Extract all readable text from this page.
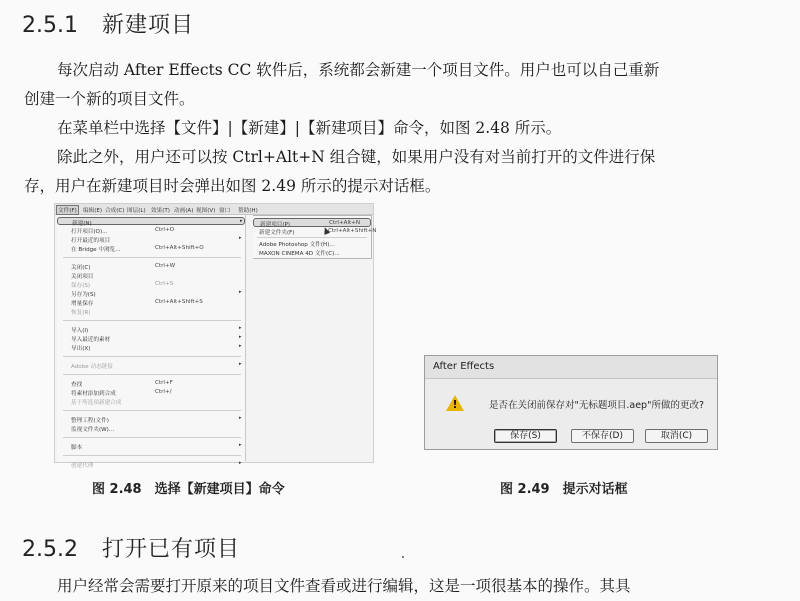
2.5.1 新建项目
每次启动 After Effects CC 软件后，系统都会新建一个项目文件。用户也可以自己重新
创建一个新的项目文件。
在菜单栏中选择【文件】|【新建】|【新建项目】命令，如图 2.48 所示。
除此之外，用户还可以按 Ctrl+Alt+N 组合键，如果用户没有对当前打开的文件进行保
存，用户在新建项目时会弹出如图 2.49 所示的提示对话框。
文件(F) 编辑(E) 合成(C) 图层(L) 效果(T) 动画(A) 视图(V) 窗口 帮助(H)
新建(N)	▸
打开项目(O)...	Ctrl+O
打开最近的项目	▸
在 Bridge 中浏览...	Ctrl+Alt+Shift+O
关闭(C)	Ctrl+W
关闭项目
保存(S)	Ctrl+S
另存为(S)	▸
增量保存	Ctrl+Alt+Shift+S
恢复(R)
导入(I)	▸
导入最近的素材	▸
导出(X)	▸
Adobe 动态链接	▸
查找	Ctrl+F
将素材添加到合成	Ctrl+/
基于所选项新建合成
整理工程(文件)	▸
监视文件夹(W)...
脚本	▸
创建代理	▸
新建项目(P)	Ctrl+Alt+N
新建文件夹(F)	Ctrl+Alt+Shift+N
Adobe Photoshop 文件(H)...
MAXON CINEMA 4D 文件(C)...
After Effects
!	是否在关闭前保存对"无标题项目.aep"所做的更改?
保存(S)	不保存(D)	取消(C)
图 2.48　选择【新建项目】命令	图 2.49　提示对话框
2.5.2 打开已有项目
用户经常会需要打开原来的项目文件查看或进行编辑，这是一项很基本的操作。其具
